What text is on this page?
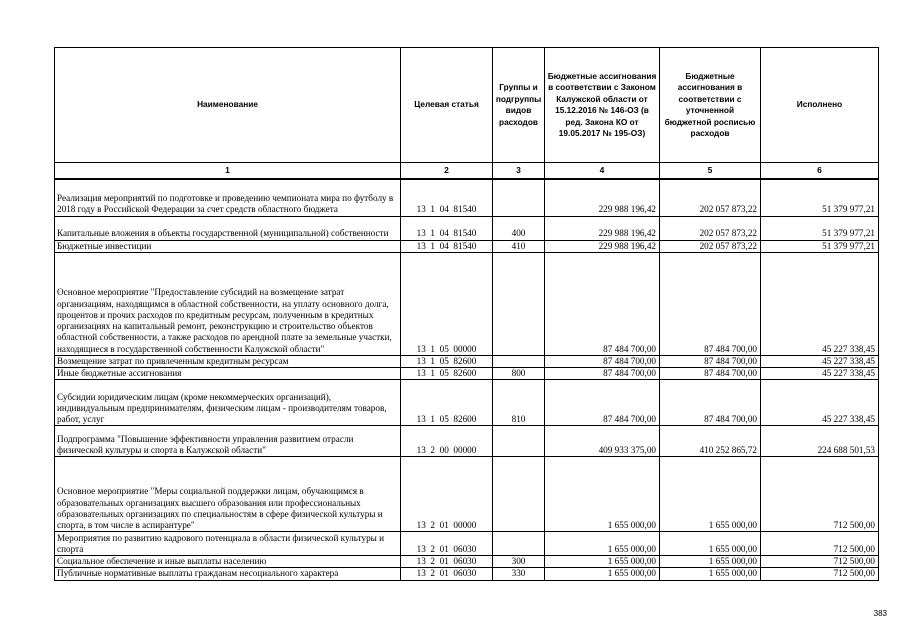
Наименование	Целевая статья	Группы и подгруппы видов расходов	Бюджетные ассигнования в соответствии с Законом Калужской области от 15.12.2016 № 146-ОЗ (в ред. Закона КО от 19.05.2017 № 195-ОЗ)	Бюджетные ассигнования в соответствии с уточненной бюджетной росписью расходов	Исполнено
1	2	3	4	5	6
Реализация мероприятий по подготовке и проведению чемпионата мира по футболу в 2018 году в Российской Федерации за счет средств областного бюджета	13  1  04  81540		229 988 196,42	202 057 873,22	51 379 977,21
Капитальные вложения в объекты государственной (муниципальной) собственности	13  1  04  81540	400	229 988 196,42	202 057 873,22	51 379 977,21
Бюджетные инвестиции	13  1  04  81540	410	229 988 196,42	202 057 873,22	51 379 977,21
Основное мероприятие "Предоставление субсидий на возмещение затрат организациям, находящимся в областной собственности, на уплату основного долга, процентов и прочих расходов по кредитным ресурсам, полученным в кредитных организациях на капитальный ремонт, реконструкцию и строительство объектов областной собственности, а также расходов по арендной плате за земельные участки, находящиеся в государственной собственности Калужской области"	13  1  05  00000		87 484 700,00	87 484 700,00	45 227 338,45
Возмещение затрат по привлеченным кредитным ресурсам	13  1  05  82600		87 484 700,00	87 484 700,00	45 227 338,45
Иные бюджетные ассигнования	13  1  05  82600	800	87 484 700,00	87 484 700,00	45 227 338,45
Субсидии юридическим лицам (кроме некоммерческих организаций), индивидуальным предпринимателям, физическим лицам - производителям товаров, работ, услуг	13  1  05  82600	810	87 484 700,00	87 484 700,00	45 227 338,45
Подпрограмма "Повышение эффективности управления развитием отрасли физической культуры и спорта в Калужской области"	13  2  00  00000		409 933 375,00	410 252 865,72	224 688 501,53
Основное мероприятие "Меры социальной поддержки лицам, обучающимся в образовательных организациях высшего образования или профессиональных образовательных организациях по специальностям в сфере физической культуры и спорта, в том числе в аспирантуре"	13  2  01  00000		1 655 000,00	1 655 000,00	712 500,00
Мероприятия по развитию кадрового потенциала в области физической культуры и спорта	13  2  01  06030		1 655 000,00	1 655 000,00	712 500,00
Социальное обеспечение и иные выплаты населению	13  2  01  06030	300	1 655 000,00	1 655 000,00	712 500,00
Публичные нормативные выплаты гражданам несоциального характера	13  2  01  06030	330	1 655 000,00	1 655 000,00	712 500,00
383
